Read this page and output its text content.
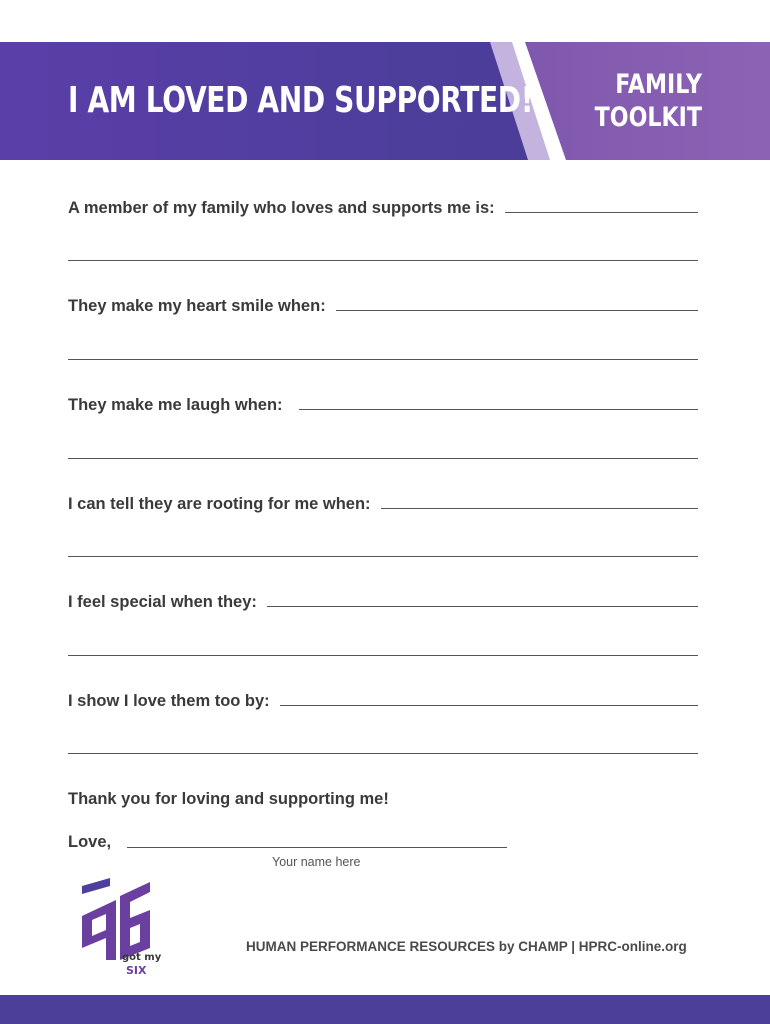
I AM LOVED AND SUPPORTED!	FAMILY
TOOLKIT
A member of my family who loves and supports me is:
They make my heart smile when:
They make me laugh when:
I can tell they are rooting for me when:
I feel special when they:
I show I love them too by:
Thank you for loving and supporting me!
Love,
Your name here
got my
SIX
HUMAN PERFORMANCE RESOURCES by CHAMP | HPRC-online.org
